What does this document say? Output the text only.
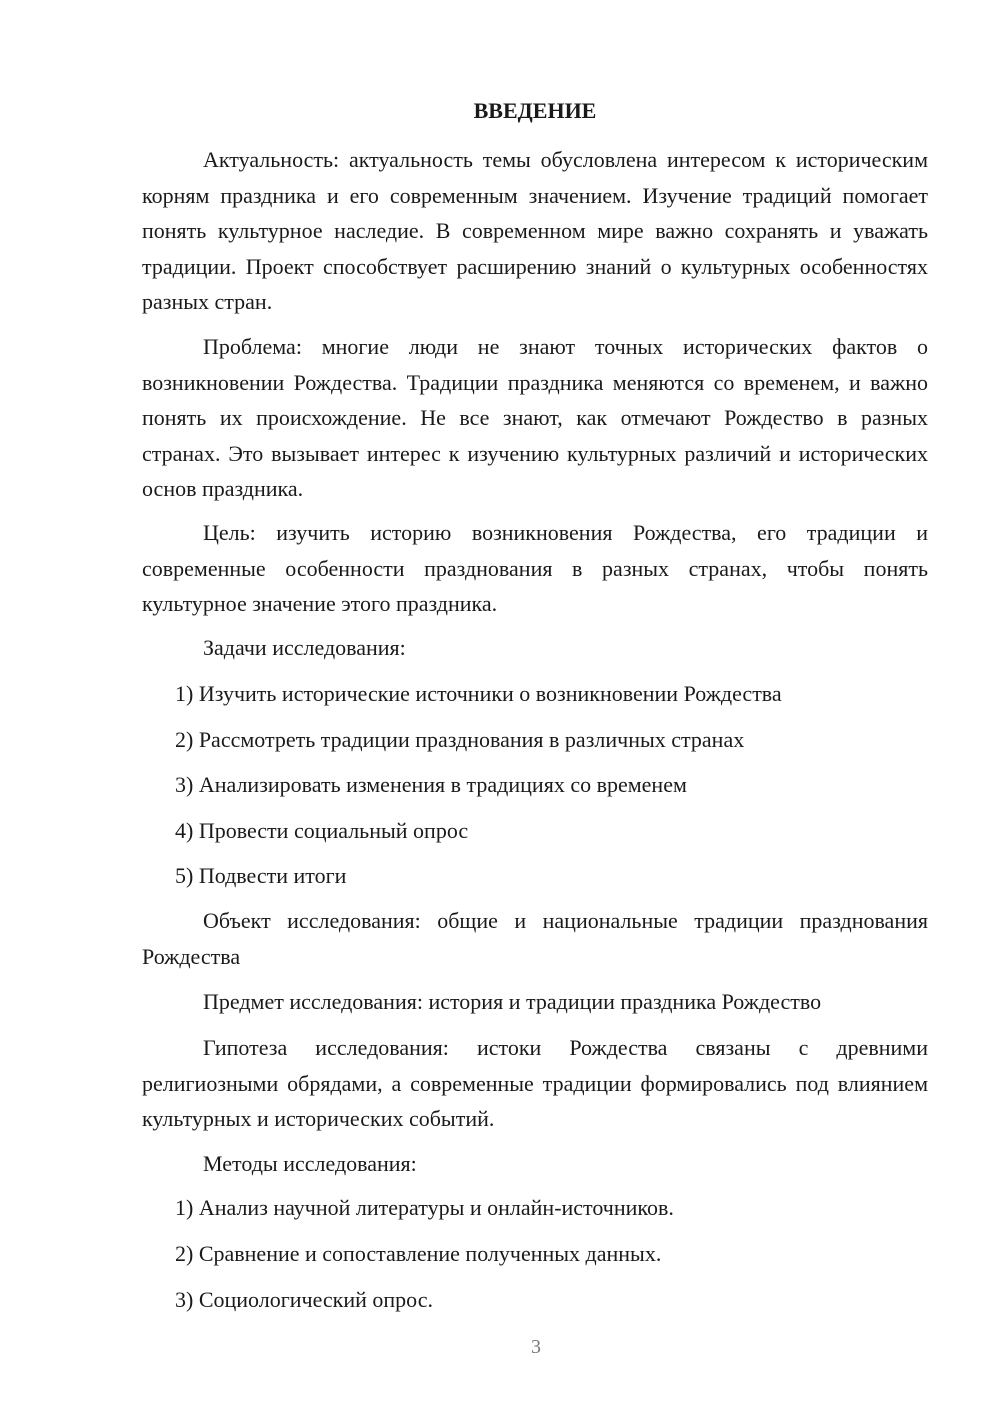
ВВЕДЕНИЕ

Актуальность: актуальность темы обусловлена интересом к историческим корням праздника и его современным значением. Изучение традиций помогает понять культурное наследие. В современном мире важно сохранять и уважать традиции. Проект способствует расширению знаний о культурных особенностях разных стран.

Проблема: многие люди не знают точных исторических фактов о возникновении Рождества. Традиции праздника меняются со временем, и важно понять их происхождение. Не все знают, как отмечают Рождество в разных странах. Это вызывает интерес к изучению культурных различий и исторических основ праздника.

Цель: изучить историю возникновения Рождества, его традиции и современные особенности празднования в разных странах, чтобы понять культурное значение этого праздника.

Задачи исследования:

1) Изучить исторические источники о возникновении Рождества

2) Рассмотреть традиции празднования в различных странах

3) Анализировать изменения в традициях со временем

4) Провести социальный опрос

5) Подвести итоги

Объект исследования: общие и национальные традиции празднования Рождества

Предмет исследования: история и традиции праздника Рождество

Гипотеза исследования: истоки Рождества связаны с древними религиозными обрядами, а современные традиции формировались под влиянием культурных и исторических событий.

Методы исследования:

1) Анализ научной литературы и онлайн-источников.

2) Сравнение и сопоставление полученных данных.

3) Социологический опрос.

3
